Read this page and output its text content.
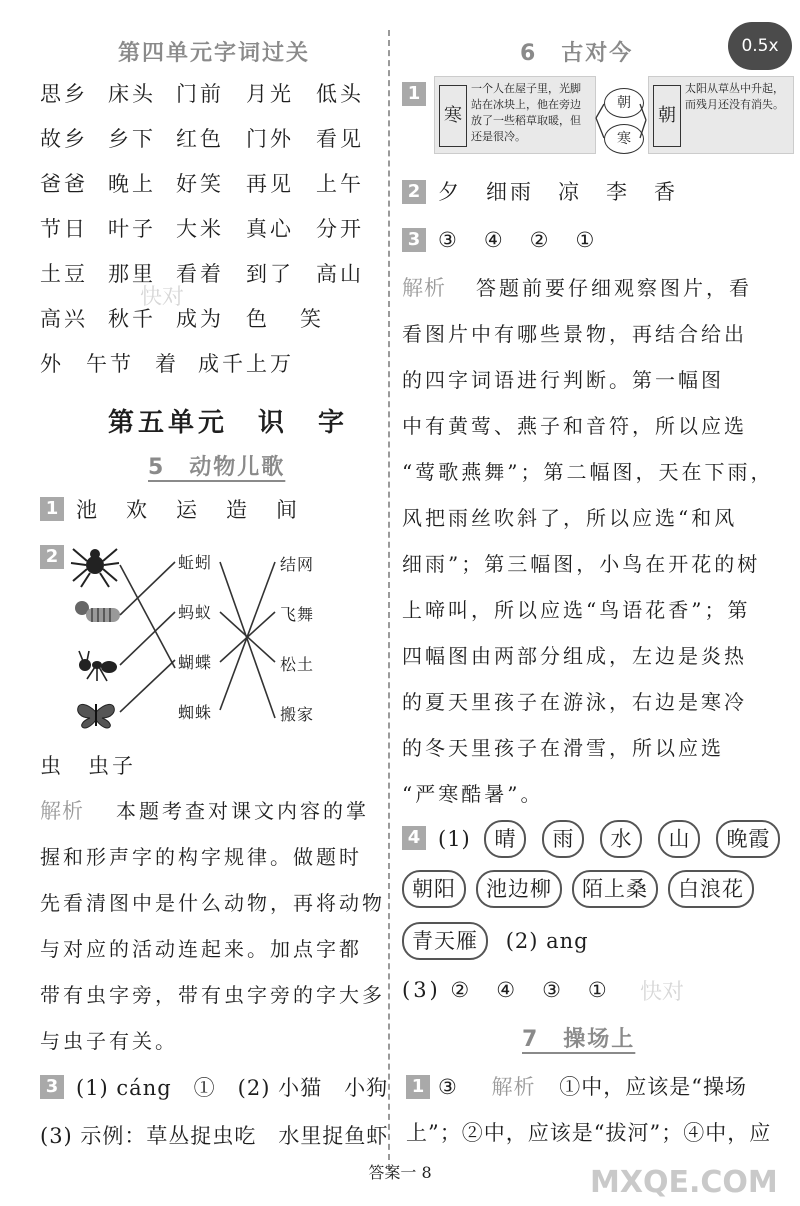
0.5x
第四单元字词过关
思乡 床头 门前 月光 低头
故乡 乡下 红色 门外 看见
爸爸 晚上 好笑 再见 上午
节日 叶子 大米 真心 分开
土豆 那里 看着 到了 高山
高兴 秋千 成为 色 笑
外 午节 着 成千上万
第五单元　识　字
5　动物儿歌
1 池　欢　运　造　间
2	蚯蚓
蚂蚁
蝴蝶
蜘蛛
结网
飞舞
松土
搬家
虫　虫子
解析 本题考查对课文内容的掌
握和形声字的构字规律。做题时
先看清图中是什么动物，再将动物
与对应的活动连起来。加点字都
带有虫字旁，带有虫字旁的字大多
与虫子有关。
3 (1) cáng　①　(2) 小猫　小狗
(3) 示例：草丛捉虫吃　水里捉鱼虾
6　古对今
1
寒
一个人在屋子里，光脚站在冰块上，他在旁边放了一些稻草取暖，但还是很冷。
朝
寒
朝
太阳从草丛中升起，而残月还没有消失。
2 夕　细雨　凉　李　香
3 ③　④　②　①
解析 答题前要仔细观察图片，看
看图片中有哪些景物，再结合给出
的四字词语进行判断。第一幅图
中有黄莺、燕子和音符，所以应选
“莺歌燕舞”；第二幅图，天在下雨，
风把雨丝吹斜了，所以应选“和风
细雨”；第三幅图，小鸟在开花的树
上啼叫，所以应选“鸟语花香”；第
四幅图由两部分组成，左边是炎热
的夏天里孩子在游泳，右边是寒冷
的冬天里孩子在滑雪，所以应选
“严寒酷暑”。
4 (1) 晴 雨 水 山 晚霞
朝阳 池边柳 陌上桑 白浪花
青天雁 (2) ang
(3) ②　④　③　①
7　操场上
1 ③ 解析 ①中，应该是“操场
上”；②中，应该是“拔河”；④中，应
快对
快对
MXQE.COM
答案一 8
